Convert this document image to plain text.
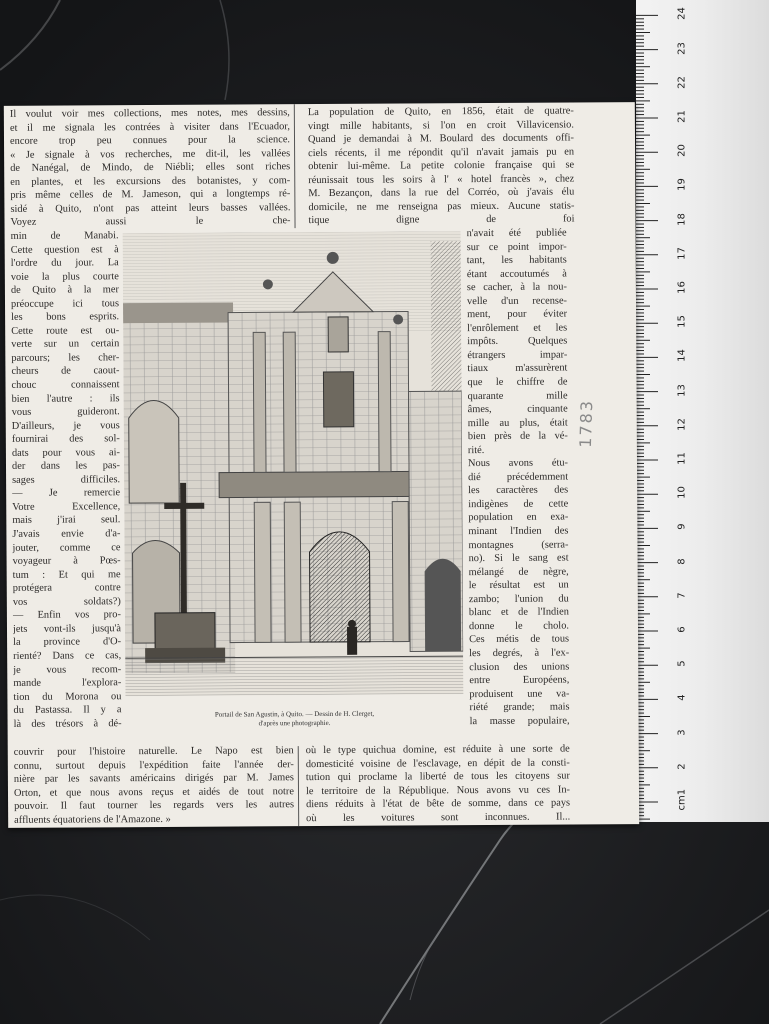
cm1
2
3
4
5
6
7
8
9
10
11
12
13
14
15
16
17
18
19
20
21
22
23
24
Il voulut voir mes collections, mes notes, mes dessins,
et il me signala les contrées à visiter dans l'Ecuador,
encore trop peu connues pour la science.
« Je signale à vos recherches, me dit-il, les vallées
de Nanégal, de Mindo, de Niébli; elles sont riches
en plantes, et les excursions des botanistes, y com-
pris même celles de M. Jameson, qui a longtemps ré-
sidé à Quito, n'ont pas atteint leurs basses vallées.
Voyez aussi le che-
min de Manabi.
Cette question est à
l'ordre du jour. La
voie la plus courte
de Quito à la mer
préoccupe ici tous
les bons esprits.
Cette route est ou-
verte sur un certain
parcours; les cher-
cheurs de caout-
chouc connaissent
bien l'autre : ils
vous guideront.
D'ailleurs, je vous
fournirai des sol-
dats pour vous ai-
der dans les pas-
sages difficiles.
— Je remercie
Votre Excellence,
mais j'irai seul.
J'avais envie d'a-
jouter, comme ce
voyageur à Pœs-
tum : Et qui me
protégera contre
vos soldats?)
— Enfin vos pro-
jets vont-ils jusqu'à
la province d'O-
rienté? Dans ce cas,
je vous recom-
mande l'explora-
tion du Morona ou
du Pastassa. Il y a
là des trésors à dé-
La population de Quito, en 1856, était de quatre-
vingt mille habitants, si l'on en croit Villavicensio.
Quand je demandai à M. Boulard des documents offi-
ciels récents, il me répondit qu'il n'avait jamais pu en
obtenir lui-même. La petite colonie française qui se
réunissait tous les soirs à l' « hotel francès », chez
M. Bezançon, dans la rue del Corréo, où j'avais élu
domicile, ne me renseigna pas mieux. Aucune statis-
tique digne de foi
n'avait été publiée
sur ce point impor-
tant, les habitants
étant accoutumés à
se cacher, à la nou-
velle d'un recense-
ment, pour éviter
l'enrôlement et les
impôts. Quelques
étrangers impar-
tiaux m'assurèrent
que le chiffre de
quarante mille
âmes, cinquante
mille au plus, était
bien près de la vé-
rité.
Nous avons étu-
dié précédemment
les caractères des
indigènes de cette
population en exa-
minant l'Indien des
montagnes (serra-
no). Si le sang est
mélangé de nègre,
le résultat est un
zambo; l'union du
blanc et de l'Indien
donne le cholo.
Ces métis de tous
les degrés, à l'ex-
clusion des unions
entre Européens,
produisent une va-
riété grande; mais
la masse populaire,
couvrir pour l'histoire naturelle. Le Napo est bien
connu, surtout depuis l'expédition faite l'année der-
nière par les savants américains dirigés par M. James
Orton, et que nous avons reçus et aidés de tout notre
pouvoir. Il faut tourner les regards vers les autres
affluents équatoriens de l'Amazone. »
où le type quichua domine, est réduite à une sorte de
domesticité voisine de l'esclavage, en dépit de la consti-
tution qui proclame la liberté de tous les citoyens sur
le territoire de la République. Nous avons vu ces In-
diens réduits à l'état de bête de somme, dans ce pays
où les voitures sont inconnues. Il...
Portail de San Agustin, à Quito. — Dessin de H. Clerget,
d'après une photographie.
1783
